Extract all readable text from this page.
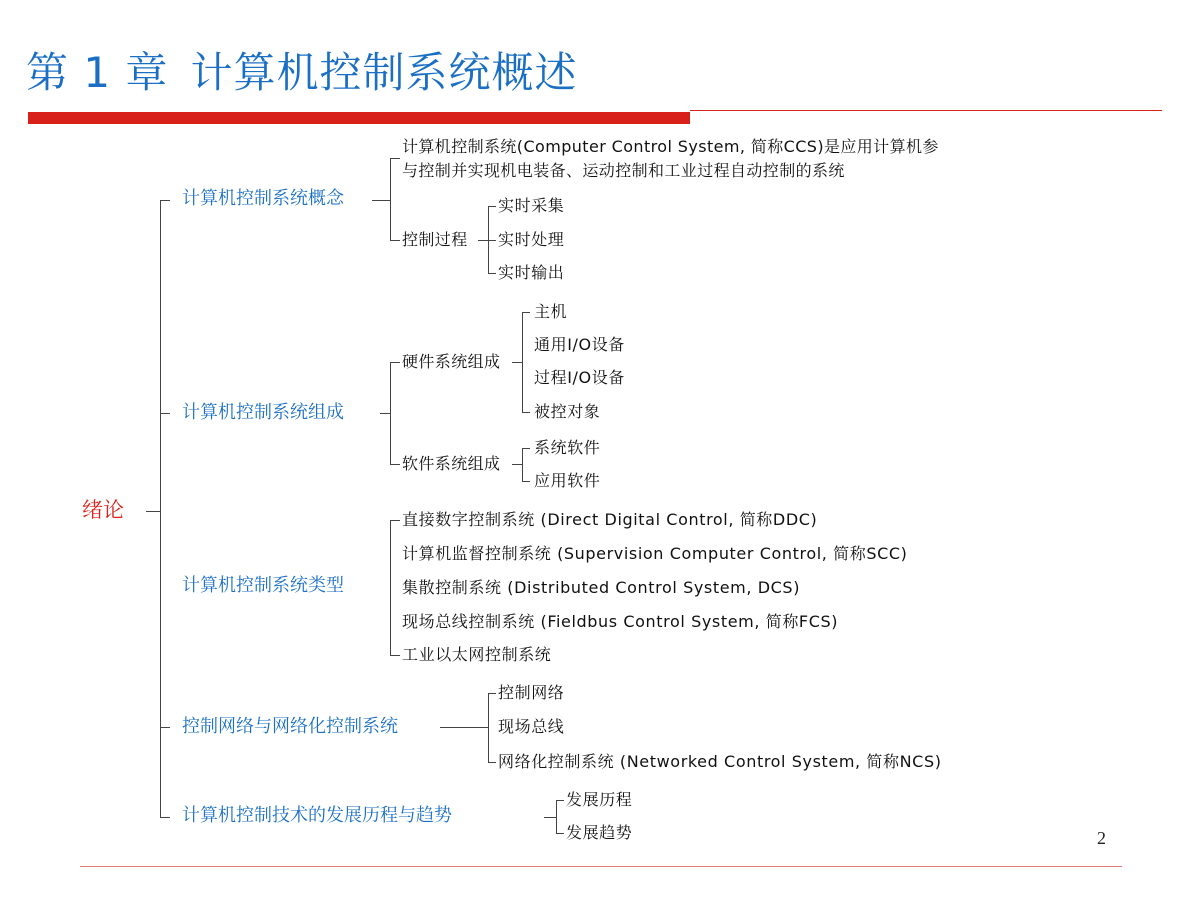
第 1 章 计算机控制系统概述
绪论
计算机控制系统概念
计算机控制系统组成
计算机控制系统类型
控制网络与网络化控制系统
计算机控制技术的发展历程与趋势
计算机控制系统(Computer Control System, 简称CCS)是应用计算机参
与控制并实现机电装备、运动控制和工业过程自动控制的系统
控制过程
实时采集
实时处理
实时输出
硬件系统组成
主机
通用I/O设备
过程I/O设备
被控对象
软件系统组成
系统软件
应用软件
直接数字控制系统 (Direct Digital Control, 简称DDC)
计算机监督控制系统 (Supervision Computer Control, 简称SCC)
集散控制系统 (Distributed Control System, DCS)
现场总线控制系统 (Fieldbus Control System, 简称FCS)
工业以太网控制系统
控制网络
现场总线
网络化控制系统 (Networked Control System, 简称NCS)
发展历程
发展趋势	2
